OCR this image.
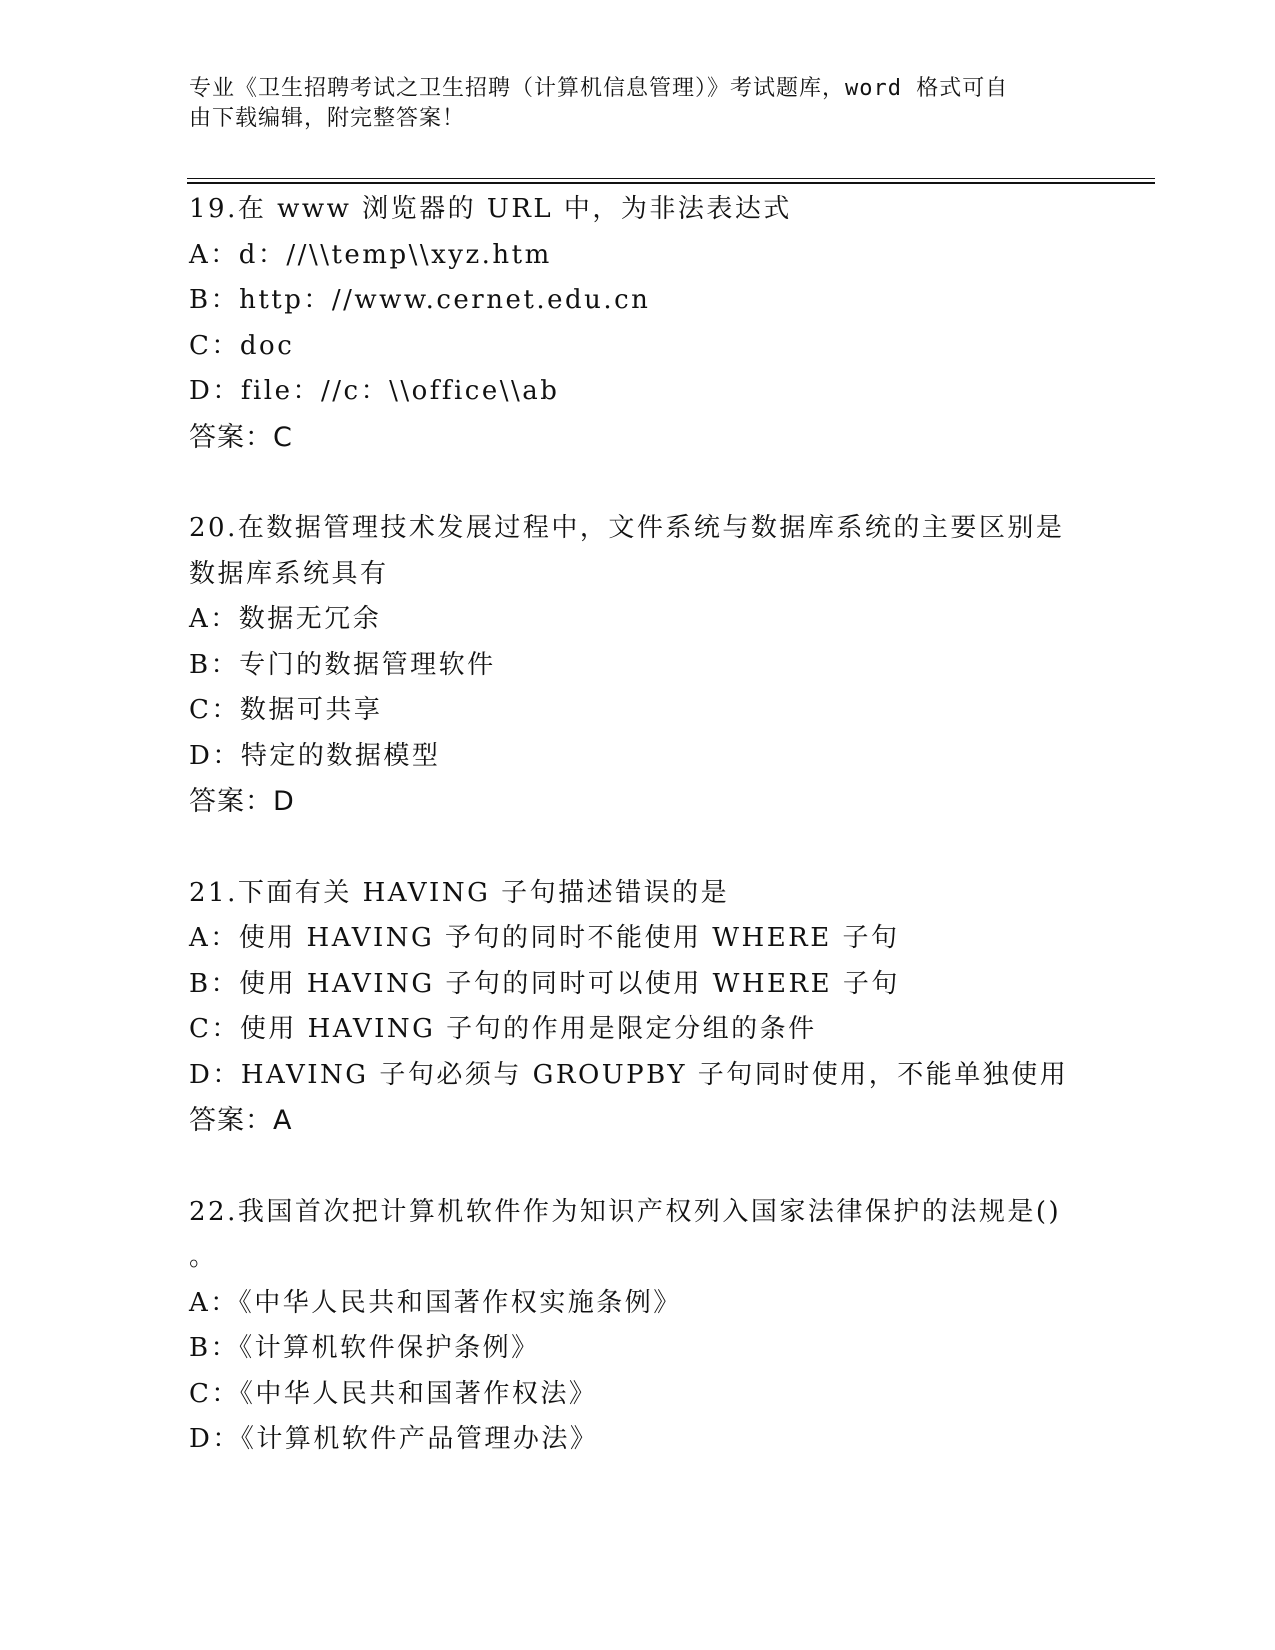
专业《卫生招聘考试之卫生招聘（计算机信息管理）》考试题库，word 格式可自
由下载编辑，附完整答案！
19.在 www 浏览器的 URL 中，为非法表达式
A：d：//\\temp\\xyz.htm
B：http：//www.cernet.edu.cn
C：doc
D：file：//c：\\office\\ab
答案：C
20.在数据管理技术发展过程中，文件系统与数据库系统的主要区别是
数据库系统具有
A：数据无冗余
B：专门的数据管理软件
C：数据可共享
D：特定的数据模型
答案：D
21.下面有关 HAVING 子句描述错误的是
A：使用 HAVING 予句的同时不能使用 WHERE 子句
B：使用 HAVING 子句的同时可以使用 WHERE 子句
C：使用 HAVING 子句的作用是限定分组的条件
D：HAVING 子句必须与 GROUPBY 子句同时使用，不能单独使用
答案：A
22.我国首次把计算机软件作为知识产权列入国家法律保护的法规是()
。
A：《中华人民共和国著作权实施条例》
B：《计算机软件保护条例》
C：《中华人民共和国著作权法》
D：《计算机软件产品管理办法》
